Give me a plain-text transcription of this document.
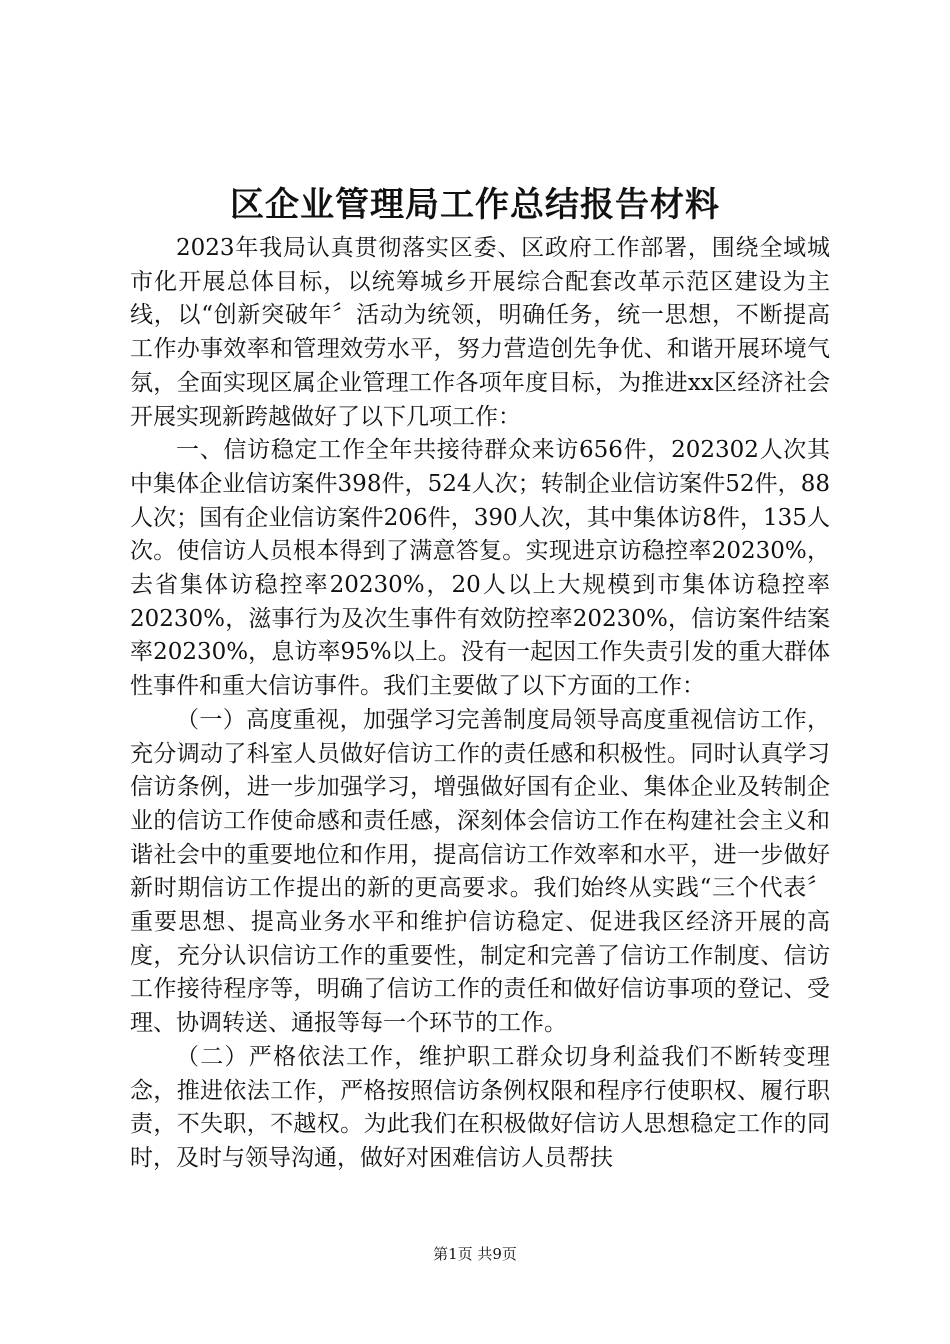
区企业管理局工作总结报告材料

2023年我局认真贯彻落实区委、区政府工作部署，围绕全域城市化开展总体目标，以统筹城乡开展综合配套改革示范区建设为主线，以“创新突破年〞活动为统领，明确任务，统一思想，不断提高工作办事效率和管理效劳水平，努力营造创先争优、和谐开展环境气氛，全面实现区属企业管理工作各项年度目标，为推进xx区经济社会开展实现新跨越做好了以下几项工作：

一、信访稳定工作全年共接待群众来访656件，202302人次其中集体企业信访案件398件，524人次；转制企业信访案件52件，88人次；国有企业信访案件206件，390人次，其中集体访8件，135人次。使信访人员根本得到了满意答复。实现进京访稳控率20230%，去省集体访稳控率20230%，20人以上大规模到市集体访稳控率20230%，滋事行为及次生事件有效防控率20230%，信访案件结案率20230%，息访率95%以上。没有一起因工作失责引发的重大群体性事件和重大信访事件。我们主要做了以下方面的工作：

（一）高度重视，加强学习完善制度局领导高度重视信访工作，充分调动了科室人员做好信访工作的责任感和积极性。同时认真学习信访条例，进一步加强学习，增强做好国有企业、集体企业及转制企业的信访工作使命感和责任感，深刻体会信访工作在构建社会主义和谐社会中的重要地位和作用，提高信访工作效率和水平，进一步做好新时期信访工作提出的新的更高要求。我们始终从实践“三个代表〞重要思想、提高业务水平和维护信访稳定、促进我区经济开展的高度，充分认识信访工作的重要性，制定和完善了信访工作制度、信访工作接待程序等，明确了信访工作的责任和做好信访事项的登记、受理、协调转送、通报等每一个环节的工作。

（二）严格依法工作，维护职工群众切身利益我们不断转变理念，推进依法工作，严格按照信访条例权限和程序行使职权、履行职责，不失职，不越权。为此我们在积极做好信访人思想稳定工作的同时，及时与领导沟通，做好对困难信访人员帮扶

第1页 共9页
